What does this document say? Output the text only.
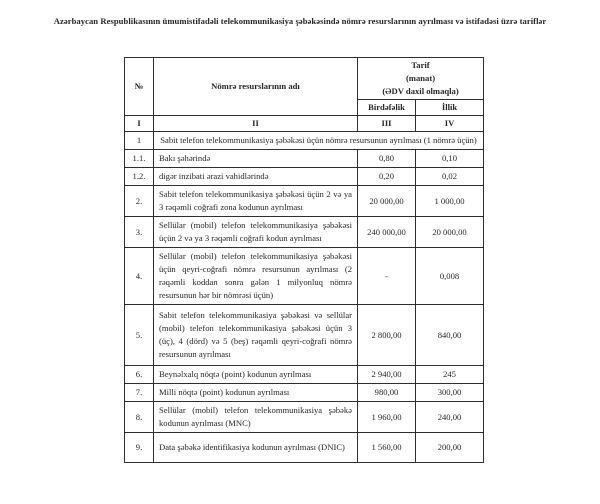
Azərbaycan Respublikasının ümumistifadəli telekommunikasiya şəbəkəsində nömrə resurslarının ayrılması və istifadəsi üzrə tariflər
№	Nömrə resurslarının adı	Tarif
(manat)
(ƏDV daxil olmaqla)	

		Birdəfəlik	İllik
I	II	III	IV
1	Sabit telefon telekommunikasiya şəbəkəsi üçün nömrə resursunun ayrılması (1 nömrə üçün)		
1.1.	Bakı şəhərində	0,80	0,10
1.2.	digər inzibati ərazi vahidlərində	0,20	0,02
2.	Sabit telefon telekommunikasiya şəbəkəsi üçün 2 və ya 3 rəqəmli coğrafi zona kodunun ayrılması	20 000,00	1 000,00
3.	Sellülar (mobil) telefon telekommunikasiya şəbəkəsi üçün 2 və ya 3 rəqəmli coğrafi kodun ayrılması	240 000,00	20 000,00
4.	Sellülar (mobil) telefon telekommunikasiya şəbəkəsi üçün qeyri-coğrafi nömrə resursunun ayrılması (2 rəqəmli koddan sonra gələn 1 milyonluq nömrə resursunun hər bir nömrəsi üçün)	-	0,008
5.	Sabit telefon telekommunikasiya şəbəkəsi və sellülar (mobil) telefon telekommunikasiya şəbəkəsi üçün 3 (üç), 4 (dörd) və 5 (beş) rəqəmli qeyri-coğrafi nömrə resursunun ayrılması	2 800,00	840,00
6.	Beynəlxalq nöqtə (point) kodunun ayrılması	2 940,00	245
7.	Milli nöqtə (point) kodunun ayrılması	980,00	300,00
8.	Sellülar (mobil) telefon telekommunikasiya şəbəkə kodunun ayrılması (MNC)	1 960,00	240,00
9.	Data şəbəkə identifikasiya kodunun ayrılması (DNIC)	1 560,00	200,00
